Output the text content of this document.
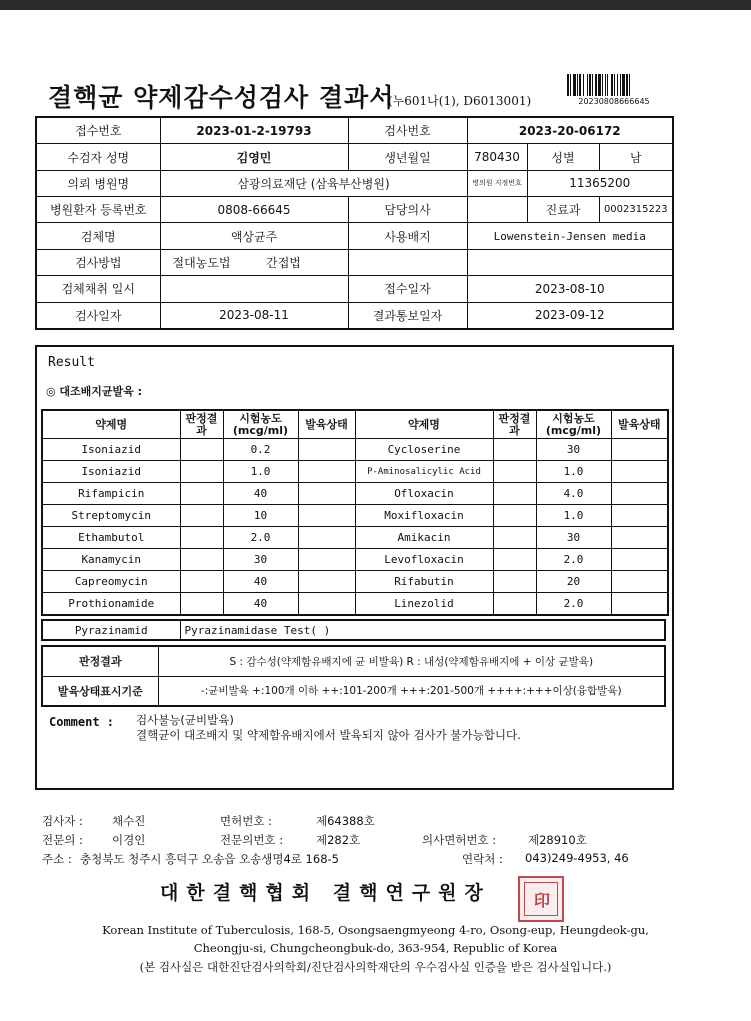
결핵균 약제감수성검사 결과서
(누601나(1), D6013001)	20230808666645
접수번호	2023-01-2-19793	검사번호	2023-20-06172		
수검자 성명	김영민	생년월일	780430	성별	남
의뢰 병원명	삼광의료재단 (삼육부산병원)		병의원 지정번호	11365200	
병원환자 등록번호	0808-66645	담당의사		진료과	0002315223
검체명	액상균주	사용배지	Lowenstein-Jensen media		
검사방법	절대농도법 간접법				
검체채취 일시		접수일자	2023-08-10		
검사일자	2023-08-11	결과통보일자	2023-09-12		
Result
◎ 대조배지균발육 :
약제명	판정결과	시험농도(mcg/ml)	발육상태	약제명	판정결과	시험농도(mcg/ml)	발육상태
Isoniazid		0.2		Cycloserine		30	
Isoniazid		1.0		P-Aminosalicylic Acid		1.0	
Rifampicin		40		Ofloxacin		4.0	
Streptomycin		10		Moxifloxacin		1.0	
Ethambutol		2.0		Amikacin		30	
Kanamycin		30		Levofloxacin		2.0	
Capreomycin		40		Rifabutin		20	
Prothionamide		40		Linezolid		2.0	
Pyrazinamid	Pyrazinamidase Test( )
판정결과	S : 감수성(약제함유배지에 균 비발육) R : 내성(약제함유배지에 + 이상 균발육)
발육상태표시기준	-:균비발육 +:100개 이하 ++:101-200개 +++:201-500개 ++++:+++이상(융합발육)
Comment : 검사불능(균비발육)
결핵균이 대조배지 및 약제함유배지에서 발육되지 않아 검사가 불가능합니다.
검사자 :	채수진	면허번호 :	제64388호
전문의 :	이경인	전문의번호 :	제282호	의사면허번호 :	제28910호
주소 : 충청북도 청주시 흥덕구 오송읍 오송생명4로 168-5	연락처 : 043)249-4953, 46
대한결핵협회 결핵연구원장	印
Korean Institute of Tuberculosis, 168-5, Osongsaengmyeong 4-ro, Osong-eup, Heungdeok-gu,
Cheongju-si, Chungcheongbuk-do, 363-954, Republic of Korea
(본 검사실은 대한진단검사의학회/진단검사의학재단의 우수검사실 인증을 받은 검사실입니다.)
